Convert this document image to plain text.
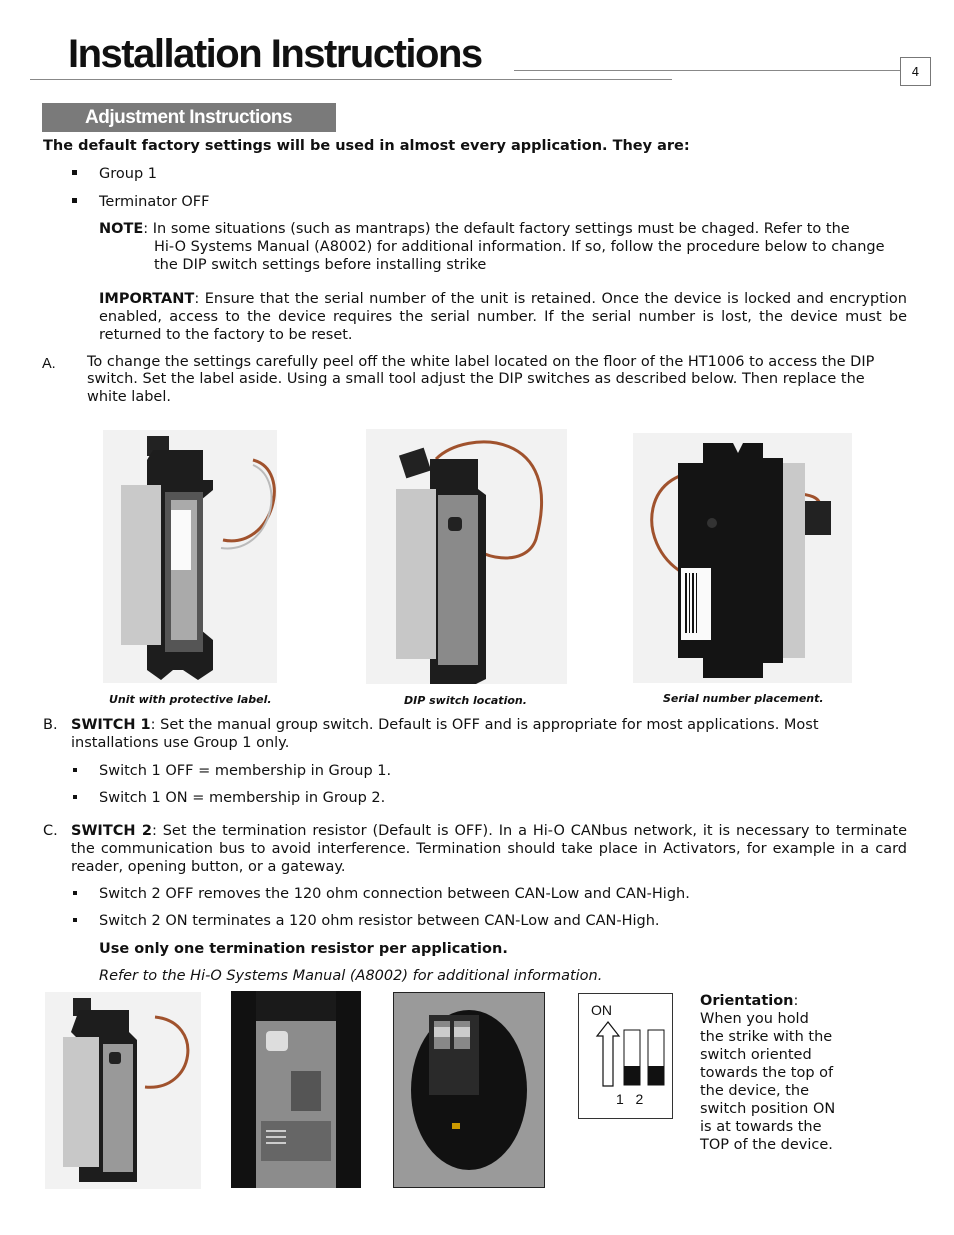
Installation Instructions	4
Adjustment Instructions
The default factory settings will be used in almost every application. They are:
Group 1
Terminator OFF
NOTE: In some situations (such as mantraps) the default factory settings must be chaged. Refer to the
Hi-O Systems Manual (A8002) for additional information. If so, follow the procedure below to change
the DIP switch settings before installing strike
IMPORTANT: Ensure that the serial number of the unit is retained. Once the device is locked and encryption enabled, access to the device requires the serial number. If the serial number is lost, the device must be returned to the factory to be reset.
A. To change the settings carefully peel off the white label located on the floor of the HT1006 to access the DIP
switch. Set the label aside. Using a small tool adjust the DIP switches as described below. Then replace the
white label.
Unit with protective label.	DIP switch location.	Serial number placement.
B. SWITCH 1: Set the manual group switch. Default is OFF and is appropriate for most applications. Most
installations use Group 1 only.
Switch 1 OFF = membership in Group 1.
Switch 1 ON = membership in Group 2.
C. SWITCH 2: Set the termination resistor (Default is OFF). In a Hi-O CANbus network, it is necessary to terminate the communication bus to avoid interference. Termination should take place in Activators, for example in a card reader, opening button, or a gateway.
Switch 2 OFF removes the 120 ohm connection between CAN-Low and CAN-High.
Switch 2 ON terminates a 120 ohm resistor between CAN-Low and CAN-High.
Use only one termination resistor per application.
Refer to the Hi-O Systems Manual (A8002) for additional information.
ON
1   2
Orientation:
When you hold
the strike with the
switch oriented
towards the top of
the device, the
switch position ON
is at towards the
TOP of the device.
